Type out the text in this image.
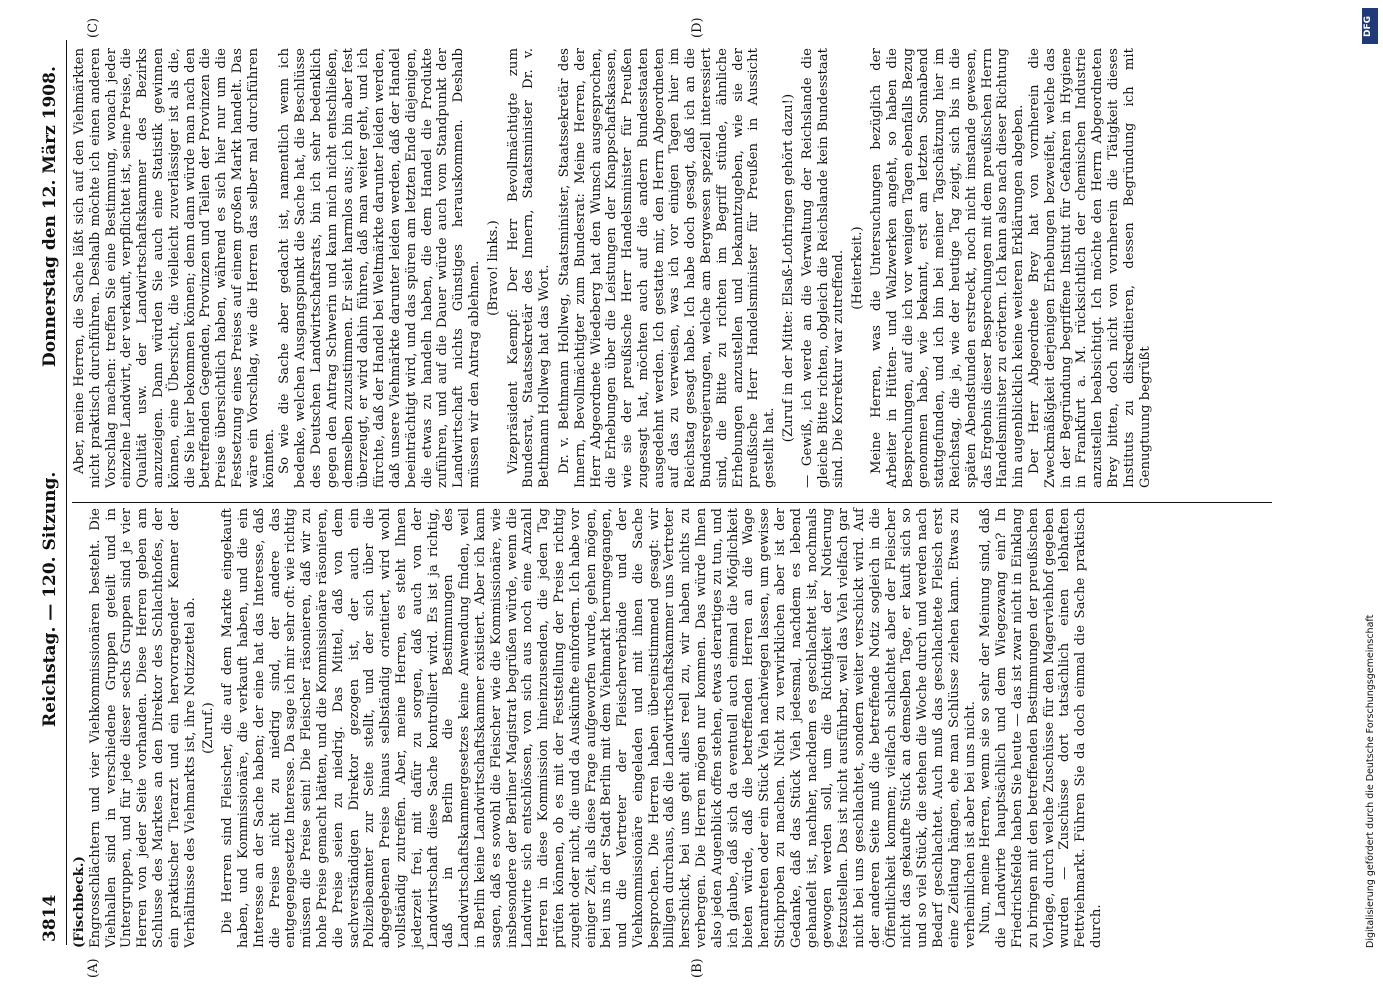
3814
Reichstag. — 120. Sitzung.
Donnerstag den 12. März 1908.
(A)	(B)
(C)	(D)

(Fischbeck.) Engrosschlächtern und vier Viehkommissionären besteht. Die Viehhallen sind in verschiedene Gruppen geteilt und in Untergruppen, und für jede dieser sechs Gruppen sind je vier Herren von jeder Seite vorhanden. Diese Herren geben am Schlusse des Marktes an den Direktor des Schlachthofes, der ein praktischer Tierarzt und ein hervorragender Kenner der Verhältnisse des Viehmarkts ist, ihre Notizzettel ab. (Zuruf.) Die Herren sind Fleischer, die auf dem Markte eingekauft haben, und Kommissionäre, die verkauft haben, und die ein Interesse an der Sache haben; der eine hat das Interesse, daß die Preise nicht zu niedrig sind, der andere das entgegengesetzte Interesse. Da sage ich mir sehr oft: wie richtig müssen die Preise sein! Die Fleischer räsonieren, daß wir zu hohe Preise gemacht hätten, und die Kommissionäre räsonieren, die Preise seien zu niedrig. Das Mittel, daß von dem sachverständigen Direktor gezogen ist, der auch ein Polizeibeamter zur Seite stellt, und der sich über die abgegebenen Preise hinaus selbständig orientiert, wird wohl vollständig zutreffen. Aber, meine Herren, es steht Ihnen jederzeit frei, mit dafür zu sorgen, daß auch von der Landwirtschaft diese Sache kontrolliert wird. Es ist ja richtig, daß in Berlin die Bestimmungen des Landwirtschaftskammergesetzes keine Anwendung finden, weil in Berlin keine Landwirtschaftskammer existiert. Aber ich kann sagen, daß es sowohl die Fleischer wie die Kommissionäre, wie insbesondere der Berliner Magistrat begrüßen würde, wenn die Landwirte sich entschlössen, von sich aus noch eine Anzahl Herren in diese Kommission hineinzusenden, die jeden Tag prüfen können, ob es mit der Feststellung der Preise richtig zugeht oder nicht, die und da Auskünfte einfordern. Ich habe vor einiger Zeit, als diese Frage aufgeworfen wurde, gehen mögen, bei uns in der Stadt Berlin mit dem Viehmarkt herumgegangen, und die Vertreter der Fleischerverbände und der Viehkommissionäre eingeladen und mit ihnen die Sache besprochen. Die Herren haben übereinstimmend gesagt: wir billigen durchaus, daß die Landwirtschaftskammer uns Vertreter herschickt, bei uns geht alles reell zu, wir haben nichts zu verbergen. Die Herren mögen nur kommen. Das würde Ihnen also jeden Augenblick offen stehen, etwas derartiges zu tun, und ich glaube, daß sich da eventuell auch einmal die Möglichkeit bieten würde, daß die betreffenden Herren an die Wage herantreten oder ein Stück Vieh nachwiegen lassen, um gewisse Stichproben zu machen. Nicht zu verwirklichen aber ist der Gedanke, daß das Stück Vieh jedesmal, nachdem es lebend gehandelt ist, nachher, nachdem es geschlachtet ist, nochmals gewogen werden soll, um die Richtigkeit der Notierung festzustellen. Das ist nicht ausführbar, weil das Vieh vielfach gar nicht bei uns geschlachtet, sondern weiter verschickt wird. Auf der anderen Seite muß die betreffende Notiz sogleich in die Öffentlichkeit kommen; vielfach schlachtet aber der Fleischer nicht das gekaufte Stück an demselben Tage, er kauft sich so und so viel Stück, die stehen die Woche durch und werden nach Bedarf geschlachtet. Auch muß das geschlachtete Fleisch erst eine Zeitlang hängen, ehe man Schlüsse ziehen kann. Etwas zu verheimlichen ist aber bei uns nicht. Nun, meine Herren, wenn sie so sehr der Meinung sind, daß die Landwirte hauptsächlich und dem Wiegezwang ein? In Friedrichsfelde haben Sie heute — das ist zwar nicht in Einklang zu bringen mit den betreffenden Bestimmungen der preußischen Vorlage, durch welche Zuschüsse für den Magerviehhof gegeben wurden — Zuschüsse dort tatsächlich einen lebhaften Fettviehmarkt. Führen Sie da doch einmal die Sache praktisch durch.

Aber, meine Herren, die Sache läßt sich auf den Viehmärkten nicht praktisch durchführen. Deshalb möchte ich einen anderen Vorschlag machen: treffen Sie eine Bestimmung, wonach jeder einzelne Landwirt, der verkauft, verpflichtet ist, seine Preise, die Qualität usw. der Landwirtschaftskammer des Bezirks anzuzeigen. Dann würden Sie auch eine Statistik gewinnen können, eine Übersicht, die vielleicht zuverlässiger ist als die, die Sie hier bekommen können; denn dann würde man nach den betreffenden Gegenden, Provinzen und Teilen der Provinzen die Preise übersichtlich haben, während es sich hier nur um die Festsetzung eines Preises auf einem großen Markt handelt. Das wäre ein Vorschlag, wie die Herren das selber mal durchführen könnten. So wie die Sache aber gedacht ist, namentlich wenn ich bedenke, welchen Ausgangspunkt die Sache hat, die Beschlüsse des Deutschen Landwirtschaftsrats, bin ich sehr bedenklich gegen den Antrag Schwerin und kann mich nicht entschließen, demselben zuzustimmen. Er sieht harmlos aus; ich bin aber fest überzeugt, er wird dahin führen, daß man weiter geht, und ich fürchte, daß der Handel bei Weltmärkte darunter leiden werden, daß unsere Viehmärkte darunter leiden werden, daß der Handel beeinträchtigt wird, und das spüren am letzten Ende diejenigen, die etwas zu handeln haben, die dem Handel die Produkte zuführen, und auf die Dauer würde auch vom Standpunkt der Landwirtschaft nichts Günstiges herauskommen. Deshalb müssen wir den Antrag ablehnen. (Bravo! links.) Vizepräsident Kaempf: Der Herr Bevollmächtigte zum Bundesrat, Staatssekretär des Innern, Staatsminister Dr. v. Bethmann Hollweg hat das Wort. Dr. v. Bethmann Hollweg, Staatsminister, Staatssekretär des Innern, Bevollmächtigter zum Bundesrat: Meine Herren, der Herr Abgeordnete Wiedeberg hat den Wunsch ausgesprochen, die Erhebungen über die Leistungen der Knappschaftskassen, wie sie der preußische Herr Handelsminister für Preußen zugesagt hat, möchten auch auf die andern Bundesstaaten ausgedehnt werden. Ich gestatte mir, den Herrn Abgeordneten auf das zu verweisen, was ich vor einigen Tagen hier im Reichstag gesagt habe. Ich habe doch gesagt, daß ich an die Bundesregierungen, welche am Bergwesen speziell interessiert sind, die Bitte zu richten im Begriff stünde, ähnliche Erhebungen anzustellen und bekanntzugeben, wie sie der preußische Herr Handelsminister für Preußen in Aussicht gestellt hat.

(Zuruf in der Mitte: Elsaß-Lothringen gehört dazu!) — Gewiß, ich werde an die Verwaltung der Reichslande die gleiche Bitte richten, obgleich die Reichslande kein Bundesstaat sind. Die Korrektur war zutreffend. (Heiterkeit.) Meine Herren, was die Untersuchungen bezüglich der Arbeiter in Hütten- und Walzwerken angeht, so haben die Besprechungen, auf die ich vor wenigen Tagen ebenfalls Bezug genommen habe, wie bekannt, erst am letzten Sonnabend stattgefunden, und ich bin bei meiner Tagschätzung hier im Reichstag, die ja, wie der heutige Tag zeigt, sich bis in die späten Abendstunden erstreckt, noch nicht imstande gewesen, das Ergebnis dieser Besprechungen mit dem preußischen Herrn Handelsminister zu erörtern. Ich kann also nach dieser Richtung hin augenblicklich keine weiteren Erklärungen abgeben. Der Herr Abgeordnete Brey hat von vornherein die Zweckmäßigkeit derjenigen Erhebungen bezweifelt, welche das in der Begründung begriffene Institut für Gefahren in Hygiene in Frankfurt a. M. rücksichtlich der chemischen Industrie anzustellen beabsichtigt. Ich möchte den Herrn Abgeordneten Brey bitten, doch nicht von vornherein die Tätigkeit dieses Instituts zu diskreditieren, dessen Begründung ich mit Genugtuung begrüßt

DFG
Digitalisierung gefördert durch die Deutsche Forschungsgemeinschaft
